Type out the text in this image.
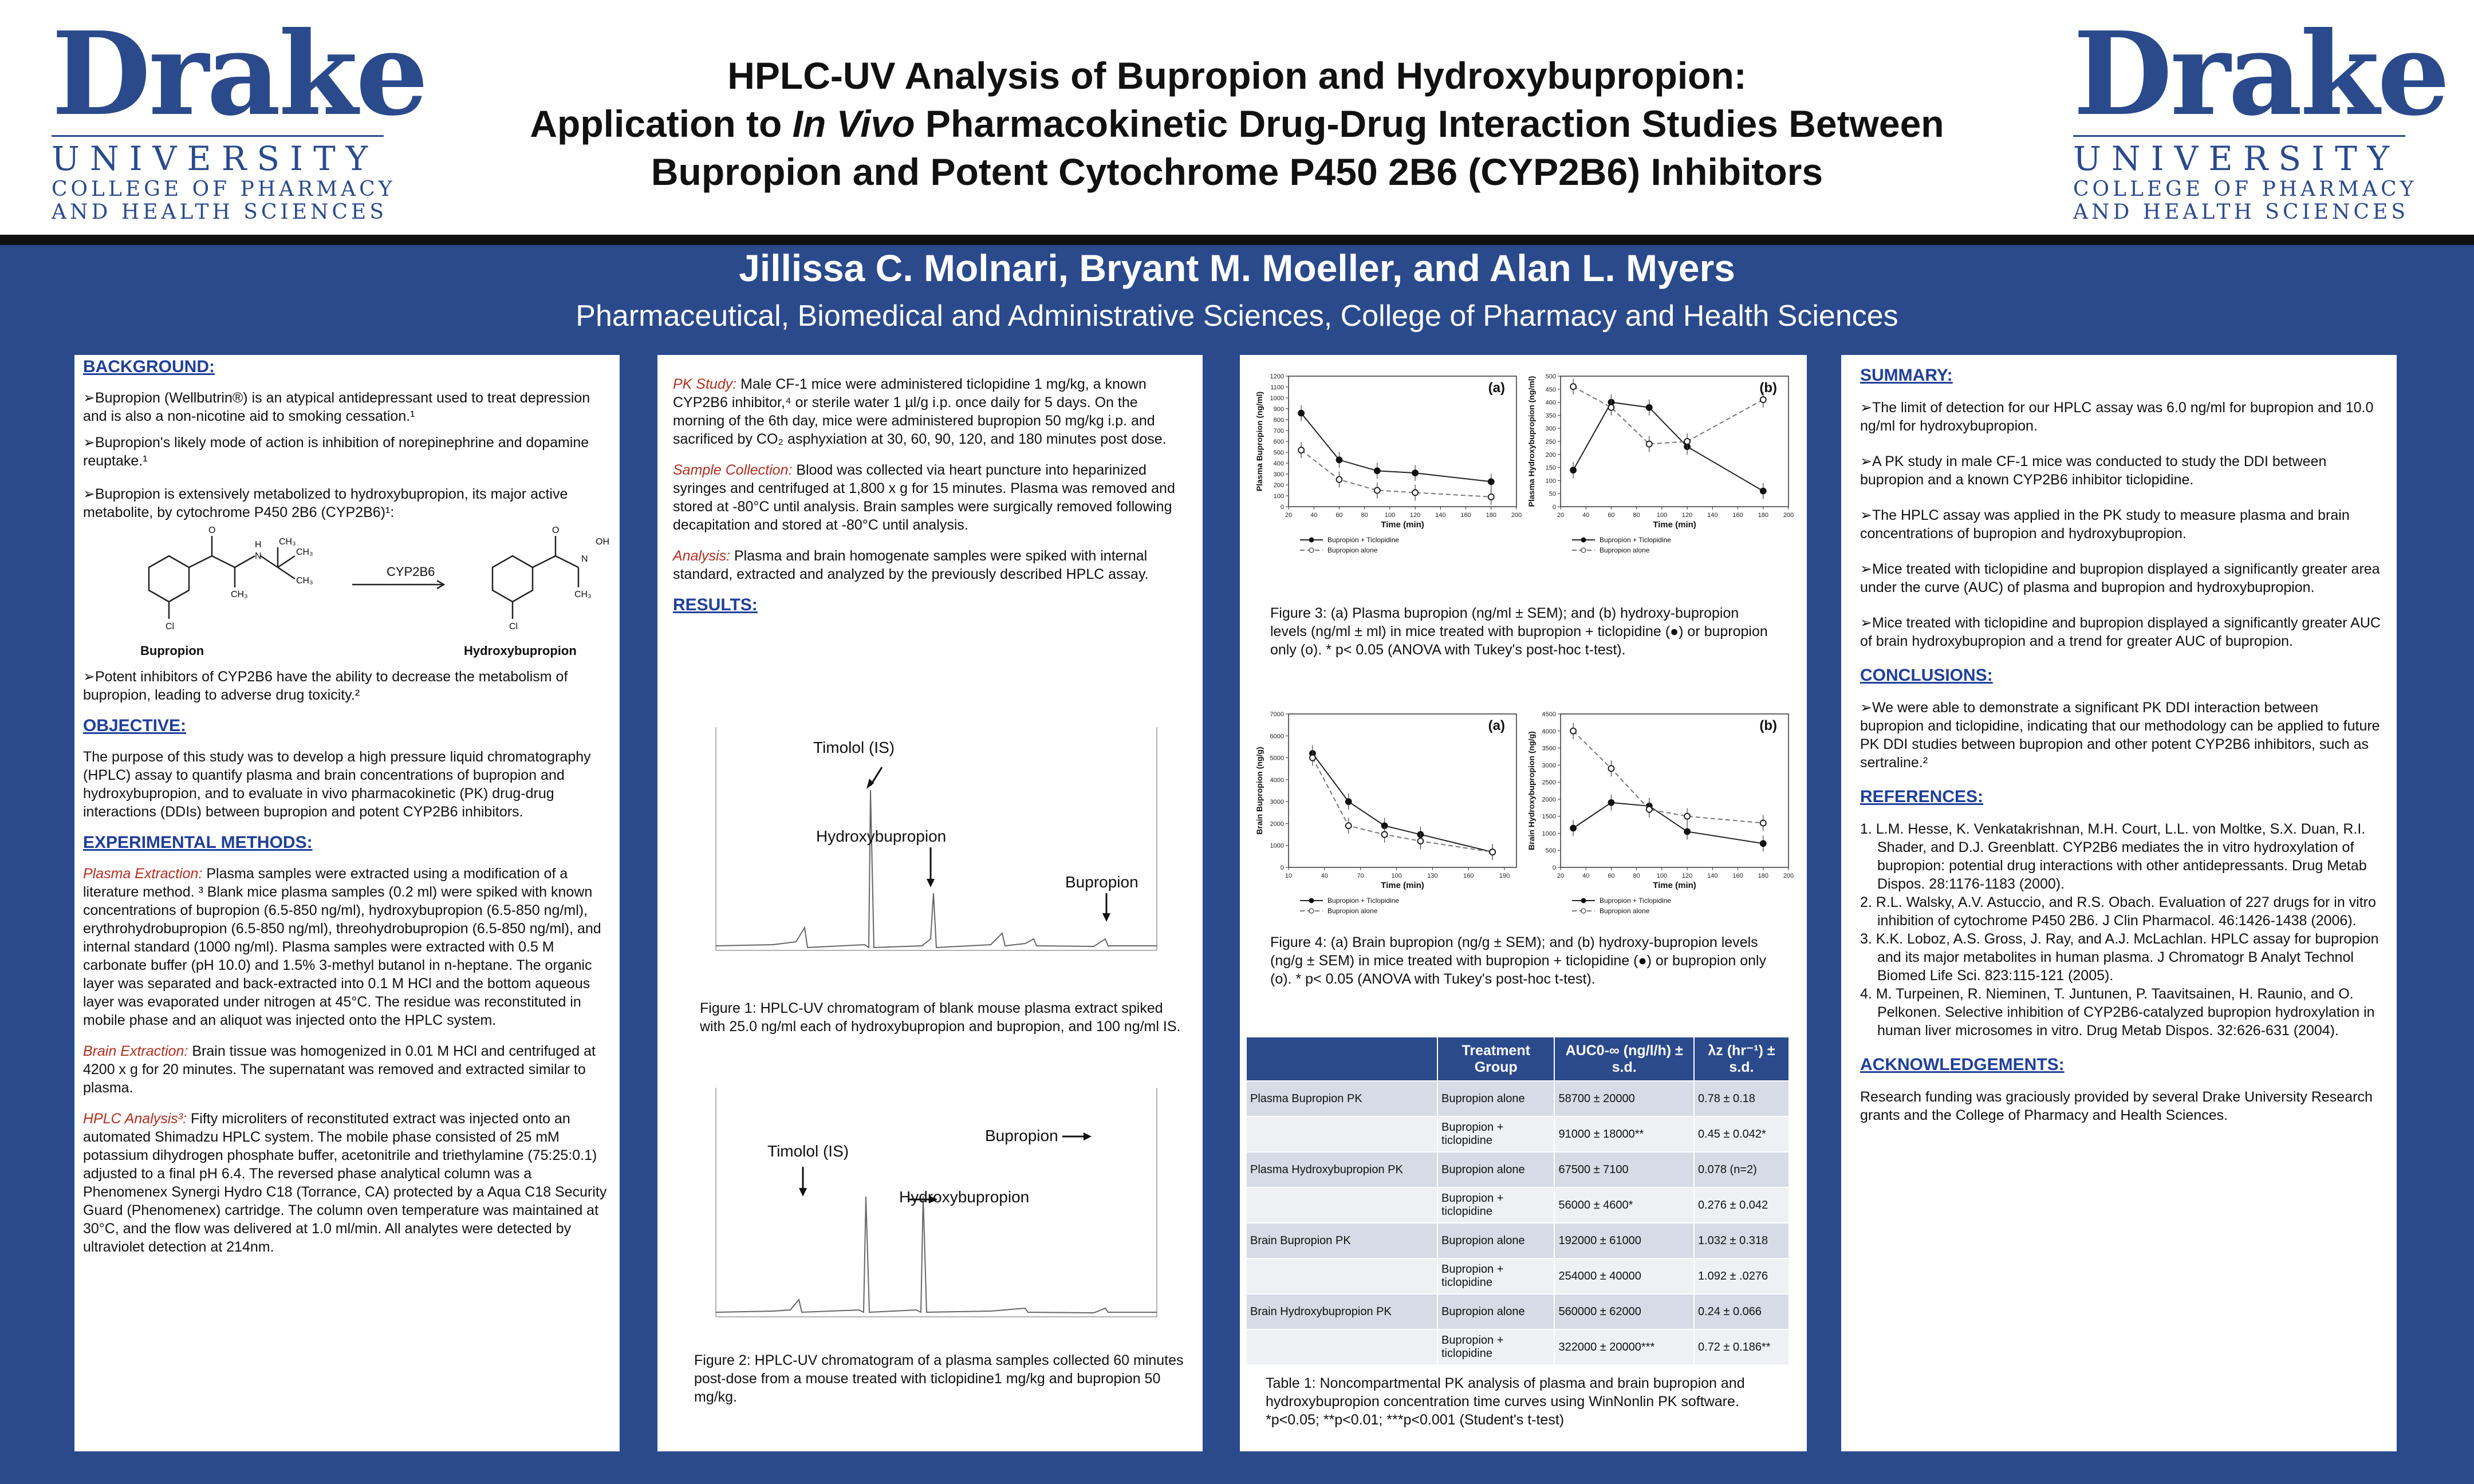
Drake
UNIVERSITY
COLLEGE OF PHARMACY
AND HEALTH SCIENCES
HPLC-UV Analysis of Bupropion and Hydroxybupropion:
Application to In Vivo Pharmacokinetic Drug-Drug Interaction Studies Between
Bupropion and Potent Cytochrome P450 2B6 (CYP2B6) Inhibitors
Drake
UNIVERSITY
COLLEGE OF PHARMACY
AND HEALTH SCIENCES
Jillissa C. Molnari, Bryant M. Moeller, and Alan L. Myers
Pharmaceutical, Biomedical and Administrative Sciences, College of Pharmacy and Health Sciences
BACKGROUND:
➢Bupropion (Wellbutrin®) is an atypical antidepressant used to treat depression and is also a non-nicotine aid to smoking cessation.¹
➢Bupropion's likely mode of action is inhibition of norepinephrine and dopamine reuptake.¹
➢Bupropion is extensively metabolized to hydroxybupropion, its major active metabolite, by cytochrome P450 2B6 (CYP2B6)¹:
O
N
H CH₃
CH₃
CH₃
CH₃
Cl
O
CH₃
Cl
N
OH
CYP2B6
Bupropion	Hydroxybupropion
➢Potent inhibitors of CYP2B6 have the ability to decrease the metabolism of bupropion, leading to adverse drug toxicity.²
OBJECTIVE:
The purpose of this study was to develop a high pressure liquid chromatography (HPLC) assay to quantify plasma and brain concentrations of bupropion and hydroxybupropion, and to evaluate in vivo pharmacokinetic (PK) drug-drug interactions (DDIs) between bupropion and potent CYP2B6 inhibitors.
EXPERIMENTAL METHODS:
Plasma Extraction: Plasma samples were extracted using a modification of a literature method. ³ Blank mice plasma samples (0.2 ml) were spiked with known concentrations of bupropion (6.5-850 ng/ml), hydroxybupropion (6.5-850 ng/ml), erythrohydrobupropion (6.5-850 ng/ml), threohydrobupropion (6.5-850 ng/ml), and internal standard (1000 ng/ml). Plasma samples were extracted with 0.5 M carbonate buffer (pH 10.0) and 1.5% 3-methyl butanol in n-heptane. The organic layer was separated and back-extracted into 0.1 M HCl and the bottom aqueous layer was evaporated under nitrogen at 45°C. The residue was reconstituted in mobile phase and an aliquot was injected onto the HPLC system.
Brain Extraction: Brain tissue was homogenized in 0.01 M HCl and centrifuged at 4200 x g for 20 minutes. The supernatant was removed and extracted similar to plasma.
HPLC Analysis³: Fifty microliters of reconstituted extract was injected onto an automated Shimadzu HPLC system. The mobile phase consisted of 25 mM potassium dihydrogen phosphate buffer, acetonitrile and triethylamine (75:25:0.1) adjusted to a final pH 6.4. The reversed phase analytical column was a Phenomenex Synergi Hydro C18 (Torrance, CA) protected by a Aqua C18 Security Guard (Phenomenex) cartridge. The column oven temperature was maintained at 30°C, and the flow was delivered at 1.0 ml/min. All analytes were detected by ultraviolet detection at 214nm.
PK Study: Male CF-1 mice were administered ticlopidine 1 mg/kg, a known CYP2B6 inhibitor,⁴ or sterile water 1 µl/g i.p. once daily for 5 days. On the morning of the 6th day, mice were administered bupropion 50 mg/kg i.p. and sacrificed by CO₂ asphyxiation at 30, 60, 90, 120, and 180 minutes post dose.
Sample Collection: Blood was collected via heart puncture into heparinized syringes and centrifuged at 1,800 x g for 15 minutes. Plasma was removed and stored at -80°C until analysis. Brain samples were surgically removed following decapitation and stored at -80°C until analysis.
Analysis: Plasma and brain homogenate samples were spiked with internal standard, extracted and analyzed by the previously described HPLC assay.
RESULTS:
Timolol (IS)
Hydroxybupropion
Bupropion
Figure 1: HPLC-UV chromatogram of blank mouse plasma extract spiked with 25.0 ng/ml each of hydroxybupropion and bupropion, and 100 ng/ml IS.
Timolol (IS)
Hydroxybupropion
Bupropion
Figure 2: HPLC-UV chromatogram of a plasma samples collected 60 minutes post-dose from a mouse treated with ticlopidine1 mg/kg and bupropion 50 mg/kg.
20	40	60	80	100 120 140 160 180 200
0
100
200
300
400
500
600
700
800
900
1000
1100
1200
Time (min)
Plasma Bupropion (ng/ml)
(a)
Bupropion + Ticlopidine
Bupropion alone
20	40	60	80	100 120 140 160 180 200
0
50
100
150
200
250
300
350
400
450
500
Time (min)
Plasma Hydroxybupropion (ng/ml)	(b)
Bupropion + Ticlopidine
Bupropion alone
Figure 3: (a) Plasma bupropion (ng/ml ± SEM); and (b) hydroxy-bupropion levels (ng/ml ± ml) in mice treated with bupropion + ticlopidine (●) or bupropion only (o). * p< 0.05 (ANOVA with Tukey's post-hoc t-test).
10	40	70	100	130	160	190
0
1000
2000
3000
4000
5000
6000
7000
Time (min)
Brain Bupropion (ng/g)
(a)
Bupropion + Ticlopidine
Bupropion alone
20	40	60	80	100 120 140 160 180 200
0
500
1000
1500
2000
2500
3000
3500
4000
4500
Time (min)
Brain Hydroxybupropion (ng/g)
(b)
Bupropion + Ticlopidine
Bupropion alone
Figure 4: (a) Brain bupropion (ng/g ± SEM); and (b) hydroxy-bupropion levels (ng/g ± SEM) in mice treated with bupropion + ticlopidine (●) or bupropion only (o). * p< 0.05 (ANOVA with Tukey's post-hoc t-test).
	Treatment Group	AUC0-∞ (ng/l/h) ± s.d.	λz (hr⁻¹) ± s.d.
Plasma Bupropion PK	Bupropion alone	58700 ± 20000	0.78 ± 0.18
	Bupropion + ticlopidine	91000 ± 18000**	0.45 ± 0.042*
Plasma Hydroxybupropion PK	Bupropion alone	67500 ± 7100	0.078 (n=2)
	Bupropion + ticlopidine	56000 ± 4600*	0.276 ± 0.042
Brain Bupropion PK	Bupropion alone	192000 ± 61000	1.032 ± 0.318
	Bupropion + ticlopidine	254000 ± 40000	1.092 ± .0276
Brain Hydroxybupropion PK	Bupropion alone	560000 ± 62000	0.24 ± 0.066
	Bupropion + ticlopidine	322000 ± 20000***	0.72 ± 0.186**
Table 1: Noncompartmental PK analysis of plasma and brain bupropion and hydroxybupropion concentration time curves using WinNonlin PK software. *p<0.05; **p<0.01; ***p<0.001 (Student's t-test)
SUMMARY:
➢The limit of detection for our HPLC assay was 6.0 ng/ml for bupropion and 10.0 ng/ml for hydroxybupropion.
➢A PK study in male CF-1 mice was conducted to study the DDI between bupropion and a known CYP2B6 inhibitor ticlopidine.
➢The HPLC assay was applied in the PK study to measure plasma and brain concentrations of bupropion and hydroxybupropion.
➢Mice treated with ticlopidine and bupropion displayed a significantly greater area under the curve (AUC) of plasma and bupropion and hydroxybupropion.
➢Mice treated with ticlopidine and bupropion displayed a significantly greater AUC of brain hydroxybupropion and a trend for greater AUC of bupropion.
CONCLUSIONS:
➢We were able to demonstrate a significant PK DDI interaction between bupropion and ticlopidine, indicating that our methodology can be applied to future PK DDI studies between bupropion and other potent CYP2B6 inhibitors, such as sertraline.²
REFERENCES:
1. L.M. Hesse, K. Venkatakrishnan, M.H. Court, L.L. von Moltke, S.X. Duan, R.I. Shader, and D.J. Greenblatt. CYP2B6 mediates the in vitro hydroxylation of bupropion: potential drug interactions with other antidepressants. Drug Metab Dispos. 28:1176-1183 (2000).
2. R.L. Walsky, A.V. Astuccio, and R.S. Obach. Evaluation of 227 drugs for in vitro inhibition of cytochrome P450 2B6. J Clin Pharmacol. 46:1426-1438 (2006).
3. K.K. Loboz, A.S. Gross, J. Ray, and A.J. McLachlan. HPLC assay for bupropion and its major metabolites in human plasma. J Chromatogr B Analyt Technol Biomed Life Sci. 823:115-121 (2005).
4. M. Turpeinen, R. Nieminen, T. Juntunen, P. Taavitsainen, H. Raunio, and O. Pelkonen. Selective inhibition of CYP2B6-catalyzed bupropion hydroxylation in human liver microsomes in vitro. Drug Metab Dispos. 32:626-631 (2004).
ACKNOWLEDGEMENTS:
Research funding was graciously provided by several Drake University Research grants and the College of Pharmacy and Health Sciences.
